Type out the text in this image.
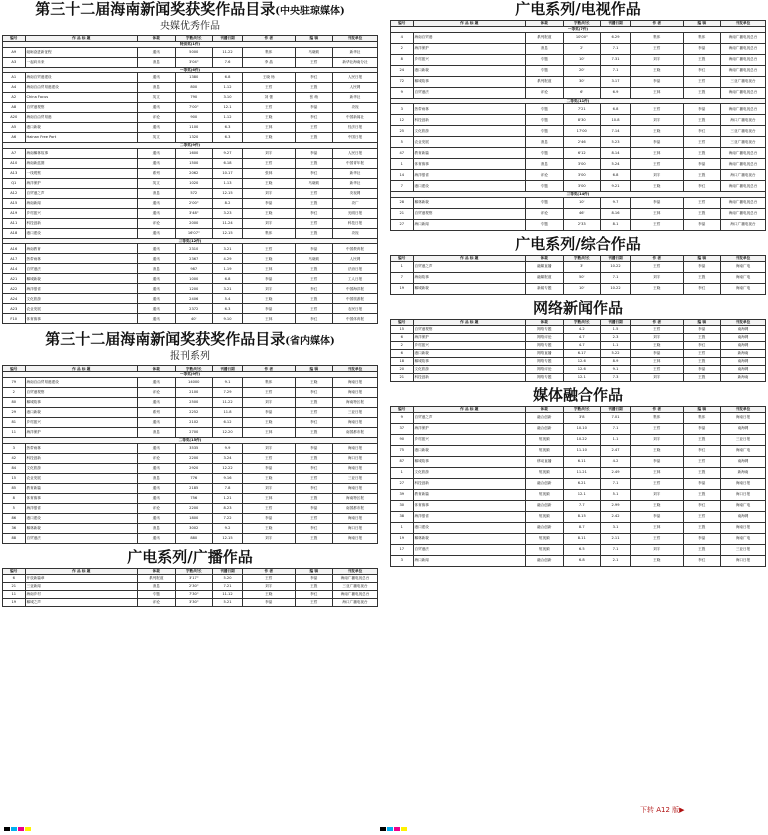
第三十二届海南新闻奖获奖作品目录(中央驻琼媒体)
央媒优秀作品
编号	作 品 标 题	体裁	字数/时长	刊播日期	作 者	编 辑	刊发单位
特别奖(1件)							
A9	砥砺奋进新征程	通讯	5000	11.22	集体	马晓莉	新华社
A3	一起向未来	消息	3'04"	7.6	李 晶	王哲	新华社海南分社
一等奖(6件)							
A1	海南自贸港建设	通讯	1380	6.8	王晓 杨	李红	人民日报
A4	海南自由贸易港建设	消息	800	1.12	王哲	王胜	人民网
A2	China Focus	英文	790	3.10	刘 蕾	张 萌	新华社
A8	自贸港观察	通讯	7'00"	12.1	王哲	李晶	央视
A20	海南自由贸易港	评论	900	1.12	王晓	李红	中国新闻社
A5	港口新貌	通讯	1100	6.3	王林	王哲	经济日报
A6	Hainan Free Port	英文	1320	6.3	王晓	王胜	中国日报
二等奖(9件)							
A7	海南椰林故事	通讯	1600	9.27	刘宇	李晶	人民日报
A10	海南新蓝图	通讯	1500	6.18	王哲	王胜	中国青年报
A13	一线观察	系列	2062	10.17	张林	李红	新华社
Q1	海洋保护	英文	1020	1.13	王晓	马晓莉	新华社
A12	自贸港之声	消息	572	12.15	刘宇	王哲	央视网
A15	海南新闻	通讯	2'00"	8.2	李晶	王胜	央广
A19	乡村振兴	通讯	3'48"	3.23	王晓	李红	光明日报
A11	科技创新	评论	2000	11.24	刘宇	王哲	科技日报
A18	港口建设	通讯	16'07"	12.15	集体	王胜	央视
三等奖(12件)							
A16	海南教育	通讯	2310	3.21	王哲	李晶	中国教育报
A17	热带雨林	通讯	2367	4.29	王晓	马晓莉	人民网
A14	自贸港法	消息	987	1.19	王林	王胜	法治日报
A21	椰城新貌	通讯	1000	6.8	李晶	王哲	工人日报
A22	海洋强省	通讯	1200	3.21	刘宇	李红	中国海洋报
A24	文化旅游	通讯	2406	5.4	王晓	王胜	中国旅游报
A23	农业发展	通讯	2372	6.3	李晶	王哲	农民日报
F10	体育赛事	通讯	40'	9.10	王林	李红	中国体育报
第三十二届海南新闻奖获奖作品目录(省内媒体)
报刊系列
编号	作 品 标 题	体裁	字数/时长	刊播日期	作 者	编 辑	刊发单位
一等奖(9件)							
79	海南自由贸易港建设	通讯	14000	9.1	集体	王晓	海南日报
2	自贸港观察	评论	2100	7.29	王哲	李红	海南日报
80	椰城故事	通讯	2500	11.22	刘宇	王胜	海南特区报
29	港口新貌	系列	2252	11.8	李晶	王哲	三亚日报
81	乡村振兴	通讯	2102	6.12	王晓	李红	海南日报
11	海洋保护	消息	2700	12.20	王林	王胜	南国都市报
二等奖(15件)							
3	热带雨林	通讯	3535	9.9	刘宇	李晶	海南日报
42	科技创新	评论	2200	3.24	王哲	王胜	海口日报
84	文化旅游	通讯	2920	12.22	李晶	李红	海南日报
15	农业发展	消息	776	9.16	王晓	王哲	三亚日报
85	教育新篇	通讯	2185	7.8	刘宇	李红	海南日报
8	体育赛事	通讯	756	1.21	王林	王胜	海南特区报
5	海洋强省	评论	2200	8.23	王哲	李晶	南国都市报
86	港口建设	通讯	1800	7.22	李晶	王哲	海南日报
36	椰林新貌	消息	3002	9.2	王晓	李红	海口日报
88	自贸港法	通讯	880	12.15	刘宇	王胜	海南日报
广电系列/广播作品
编号	作 品 标 题	体裁	字数/时长	刊播日期	作 者	编 辑	刊发单位
6	开放新篇章	系列报道	3'17"	5.20	王哲	李晶	海南广播电视总台
21	三亚新闻	消息	2'30"	7.21	刘宇	王胜	三亚广播电视台
11	海南乡村	专题	7'30"	11.12	王晓	李红	海南广播电视总台
19	椰城之声	评论	3'30"	5.21	李晶	王哲	海口广播电视台
广电系列/电视作品
编号	作 品 标 题	体裁	字数/时长	刊播日期	作 者	编 辑	刊发单位
一等奖(7件)							
4	海南自贸港	系列报道	10'00"	6.29	集体	集体	海南广播电视总台
2	海洋保护	消息	2'	7.1	王哲	李晶	海南广播电视总台
8	乡村振兴	专题	10'	7.31	刘宇	王胜	海南广播电视总台
24	港口新貌	专题	20'	7.1	王晓	李红	海南广播电视总台
72	椰城故事	系列报道	30'	3.17	李晶	王哲	三亚广播电视台
9	自贸港法	评论	6'	6.9	王林	王胜	海南广播电视总台
二等奖(11件)							
3	热带雨林	专题	7'21	6.8	王哲	李晶	海南广播电视总台
12	科技创新	专题	8'30	10.8	刘宇	王胜	海口广播电视台
25	文化旅游	专题	17'00	7.14	王晓	李红	三亚广播电视台
5	农业发展	消息	2'46	5.23	李晶	王哲	三亚广播电视台
47	教育新篇	专题	6'12	8.14	王林	王胜	海南广播电视总台
1	体育赛事	消息	3'00	5.24	王哲	李晶	海南广播电视总台
14	海洋强省	评论	3'00	6.8	刘宇	王胜	海口广播电视台
7	港口建设	专题	3'00	9.21	王晓	李红	海南广播电视总台
三等奖(14件)							
28	椰林新貌	专题	10'	9.7	李晶	王哲	海南广播电视总台
21	自贸港观察	评论	46'	8.16	王林	王胜	海南广播电视总台
27	海口新闻	专题	2'33	8.1	王哲	李晶	海口广播电视台
广电系列/综合作品
编号	作 品 标 题	体裁	字数/时长	刊播日期	作 者	编 辑	刊发单位
1	自贸港之声	融媒直播	3'	10.22	王哲	李晶	海南广电
7	海南故事	融媒报道	50'	7.1	刘宇	王胜	海南广电
19	椰城新貌	新闻专题	10'	10.22	王晓	李红	海南广电
网络新闻作品
编号	作 品 标 题	体裁	字数/时长	刊播日期	作 者	编 辑	刊发单位
15	自贸港观察	网络专题	4.2	1.5	王哲	李晶	南海网
6	海洋保护	网络评论	4.7	2.3	刘宇	王胜	南海网
2	乡村振兴	网络专题	4.7	1.1	王晓	李红	南海网
6	港口新貌	网络直播	6.17	5.22	李晶	王哲	新海南
18	椰城故事	网络专题	12.6	8.9	王林	王胜	南海网
20	文化旅游	网络评论	12.6	9.1	王哲	李晶	南海网
21	科技创新	网络专题	12.1	7.3	刘宇	王胜	新海南
媒体融合作品
编号	作 品 标 题	体裁	字数/时长	刊播日期	作 者	编 辑	刊发单位
9	自贸港之声	融合创新	3'8	7.01	集体	集体	海南日报
37	海洋保护	融合创新	10.10	7.1	王哲	李晶	南海网
90	乡村振兴	短视频	10.22	1.1	刘宇	王胜	三亚日报
75	港口新貌	短视频	11.10	2.47	王晓	李红	海南广电
87	椰城故事	移动直播	6.11	4.2	李晶	王哲	南海网
1	文化旅游	短视频	11.21	2.49	王林	王胜	新海南
27	科技创新	融合创新	6.21	7.1	王哲	李晶	海南日报
39	教育新篇	短视频	12.1	5.1	刘宇	王胜	海口日报
30	体育赛事	融合创新	7.7	2.99	王晓	李红	海南广电
38	海洋强省	短视频	8.15	2.42	李晶	王哲	南海网
1	港口建设	融合创新	8.7	3.1	王林	王胜	海南日报
19	椰林新貌	短视频	8.11	2.11	王哲	李晶	海南广电
17	自贸港法	短视频	6.5	7.1	刘宇	王胜	三亚日报
3	海口新闻	融合创新	6.8	2.1	王晓	李红	海口日报
下转 A12 版▶
